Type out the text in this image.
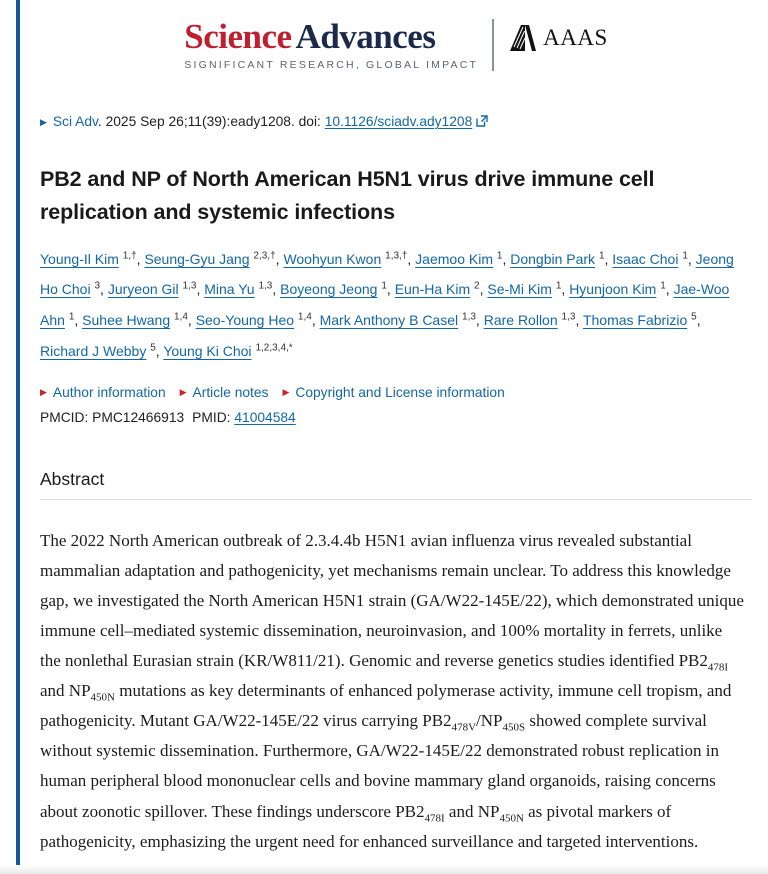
Science Advances
SIGNIFICANT RESEARCH, GLOBAL IMPACT
AAAS
▶ Sci Adv. 2025 Sep 26;11(39):eady1208. doi: 10.1126/sciadv.ady1208
PB2 and NP of North American H5N1 virus drive immune cell replication and systemic infections
Young-Il Kim $^{1,\dagger}$, Seung-Gyu Jang $^{2,3,\dagger}$, Woohyun Kwon $^{1,3,\dagger}$, Jaemoo Kim $^1$, Dongbin Park $^1$, Isaac Choi $^1$, Jeong Ho Choi $^3$, Juryeon Gil $^{1,3}$, Mina Yu $^{1,3}$, Boyeong Jeong $^1$, Eun-Ha Kim $^2$, Se-Mi Kim $^1$, Hyunjoon Kim $^1$, Jae-Woo Ahn $^1$, Suhee Hwang $^{1,4}$, Seo-Young Heo $^{1,4}$, Mark Anthony B Casel $^{1,3}$, Rare Rollon $^{1,3}$, Thomas Fabrizio $^5$, Richard J Webby $^5$, Young Ki Choi $^{1,2,3,4,*}$
▶ Author information ▶ Article notes ▶ Copyright and License information
PMCID: PMC12466913 PMID: 41004584
Abstract

The 2022 North American outbreak of 2.3.4.4b H5N1 avian influenza virus revealed substantial mammalian adaptation and pathogenicity, yet mechanisms remain unclear. To address this knowledge gap, we investigated the North American H5N1 strain (GA/W22-145E/22), which demonstrated unique immune cell–mediated systemic dissemination, neuroinvasion, and 100% mortality in ferrets, unlike the nonlethal Eurasian strain (KR/W811/21). Genomic and reverse genetics studies identified $PB2_{478I}$ and $NP_{450N}$ mutations as key determinants of enhanced polymerase activity, immune cell tropism, and pathogenicity. Mutant GA/W22-145E/22 virus carrying $PB2_{478V}/NP_{450S}$ showed complete survival without systemic dissemination. Furthermore, GA/W22-145E/22 demonstrated robust replication in human peripheral blood mononuclear cells and bovine mammary gland organoids, raising concerns about zoonotic spillover. These findings underscore $PB2_{478I}$ and $NP_{450N}$ as pivotal markers of pathogenicity, emphasizing the urgent need for enhanced surveillance and targeted interventions.
